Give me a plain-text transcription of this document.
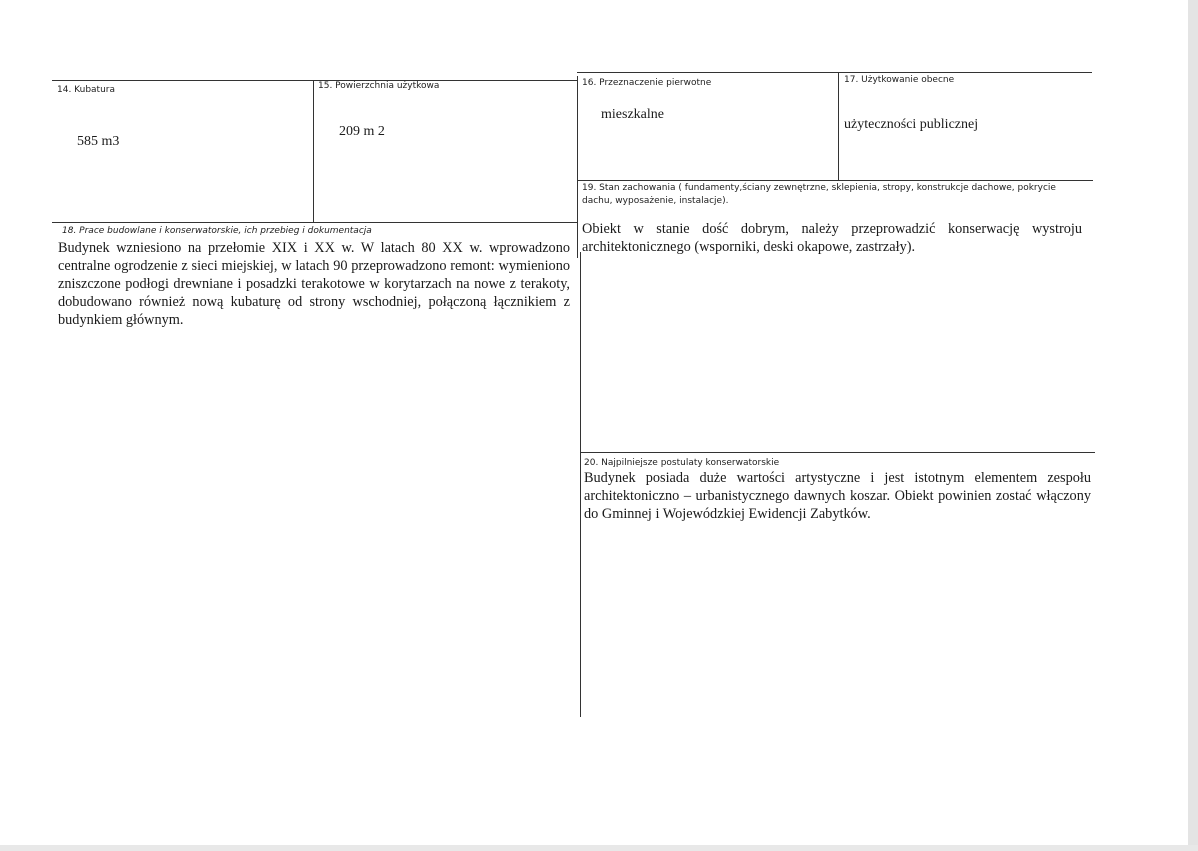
14. Kubatura
585 m3
15. Powierzchnia użytkowa
209 m 2
16. Przeznaczenie pierwotne
mieszkalne
17. Użytkowanie obecne
użyteczności publicznej
19. Stan zachowania ( fundamenty,ściany zewnętrzne, sklepienia, stropy, konstrukcje dachowe, pokrycie dachu, wyposażenie, instalacje).
Obiekt w stanie dość dobrym, należy przeprowadzić konserwację wystroju architektonicznego (wsporniki, deski okapowe, zastrzały).
18. Prace budowlane i konserwatorskie, ich przebieg i dokumentacja
Budynek wzniesiono na przełomie XIX i XX w. W latach 80 XX w. wprowadzono centralne ogrodzenie z sieci miejskiej, w latach 90 przeprowadzono remont: wymieniono zniszczone podłogi drewniane i posadzki terakotowe w korytarzach na nowe z terakoty, dobudowano również nową kubaturę od strony wschodniej, połączoną łącznikiem z budynkiem głównym.
20. Najpilniejsze postulaty konserwatorskie
Budynek posiada duże wartości artystyczne i jest istotnym elementem zespołu architektoniczno – urbanistycznego dawnych koszar. Obiekt powinien zostać włączony do Gminnej i Wojewódzkiej Ewidencji Zabytków.
